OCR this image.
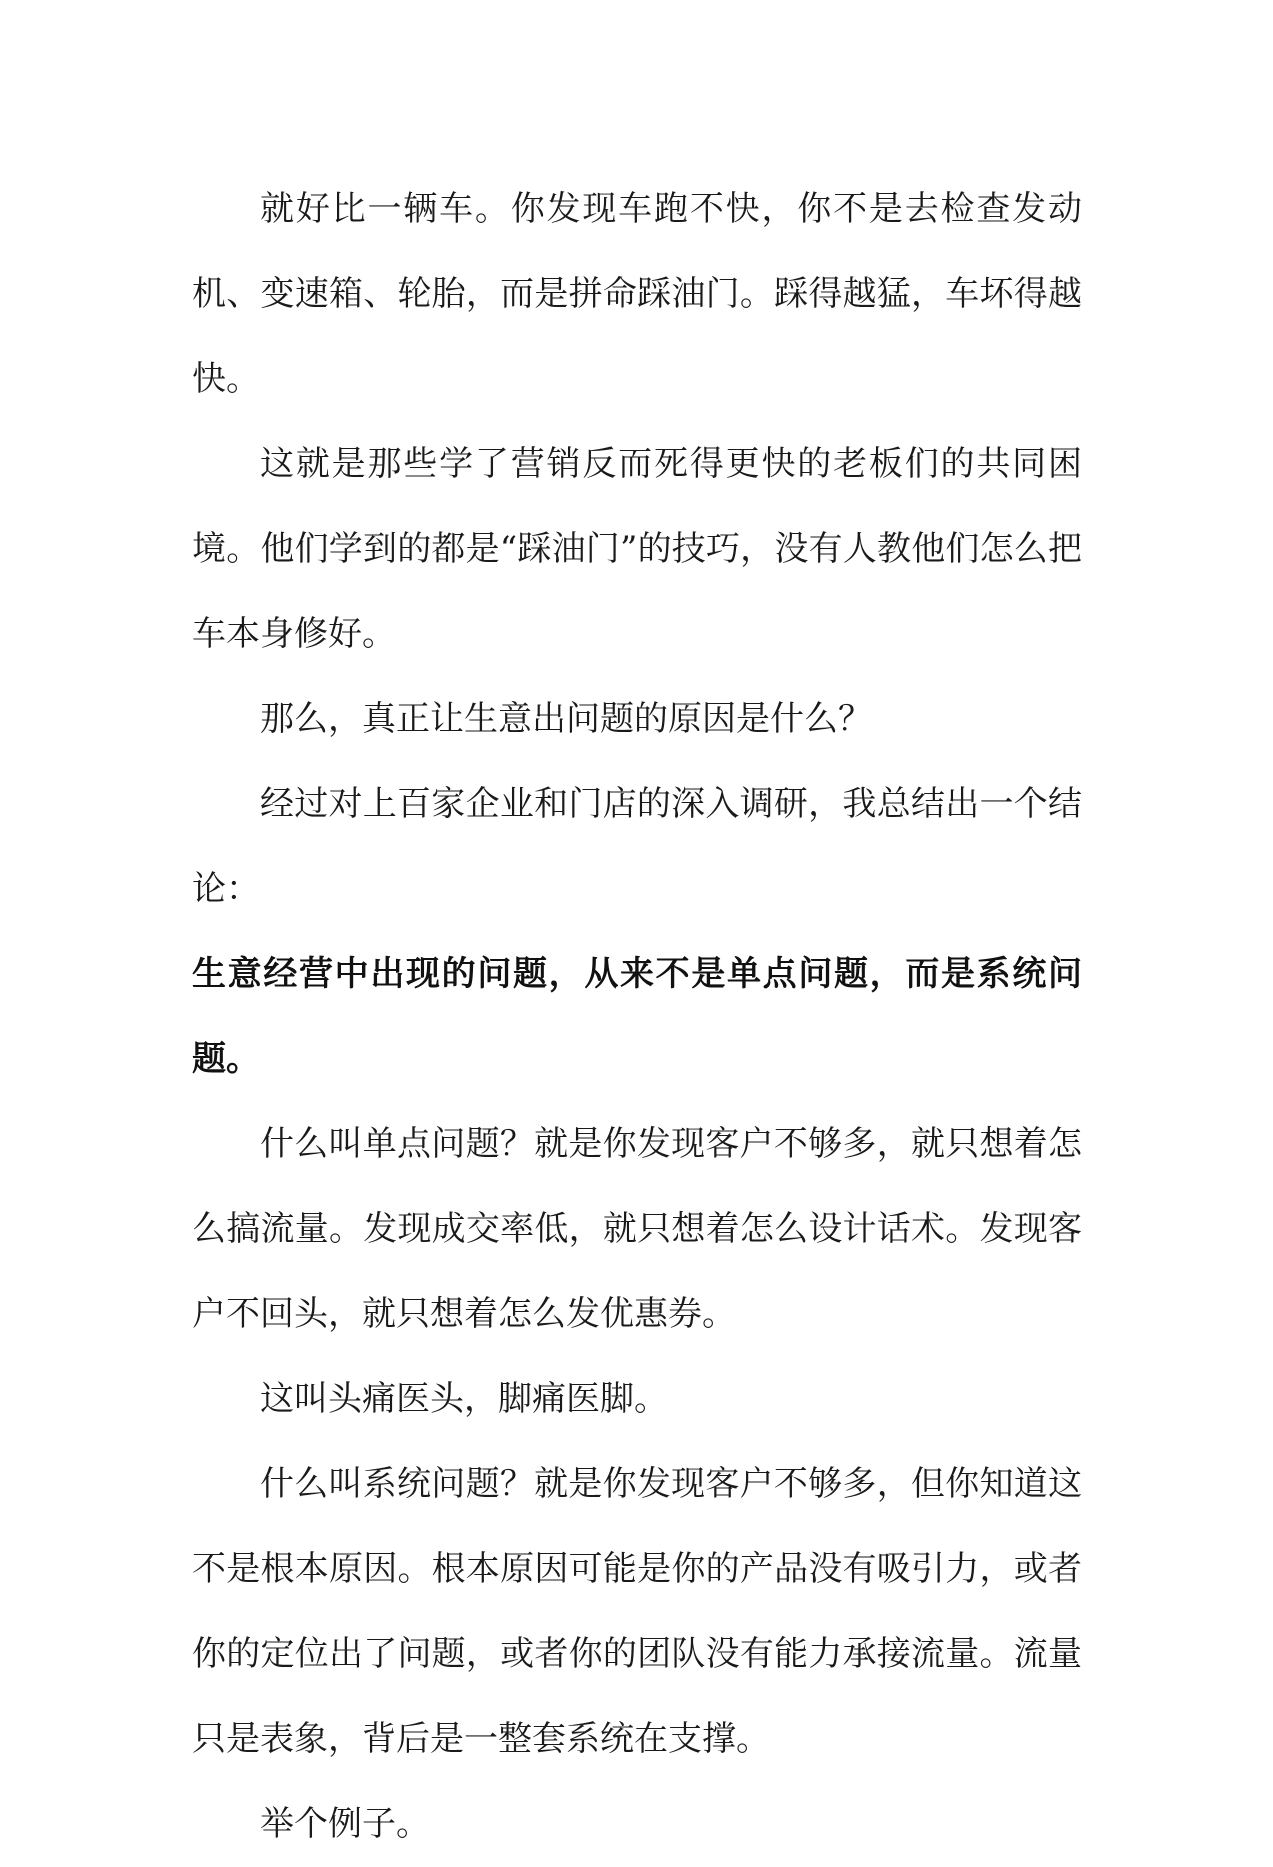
就好比一辆车。你发现车跑不快，你不是去检查发动机、变速箱、轮胎，而是拼命踩油门。踩得越猛，车坏得越快。

这就是那些学了营销反而死得更快的老板们的共同困境。他们学到的都是“踩油门”的技巧，没有人教他们怎么把车本身修好。

那么，真正让生意出问题的原因是什么？

经过对上百家企业和门店的深入调研，我总结出一个结论：

生意经营中出现的问题，从来不是单点问题，而是系统问题。

什么叫单点问题？就是你发现客户不够多，就只想着怎么搞流量。发现成交率低，就只想着怎么设计话术。发现客户不回头，就只想着怎么发优惠券。

这叫头痛医头，脚痛医脚。

什么叫系统问题？就是你发现客户不够多，但你知道这不是根本原因。根本原因可能是你的产品没有吸引力，或者你的定位出了问题，或者你的团队没有能力承接流量。流量只是表象，背后是一整套系统在支撑。

举个例子。
